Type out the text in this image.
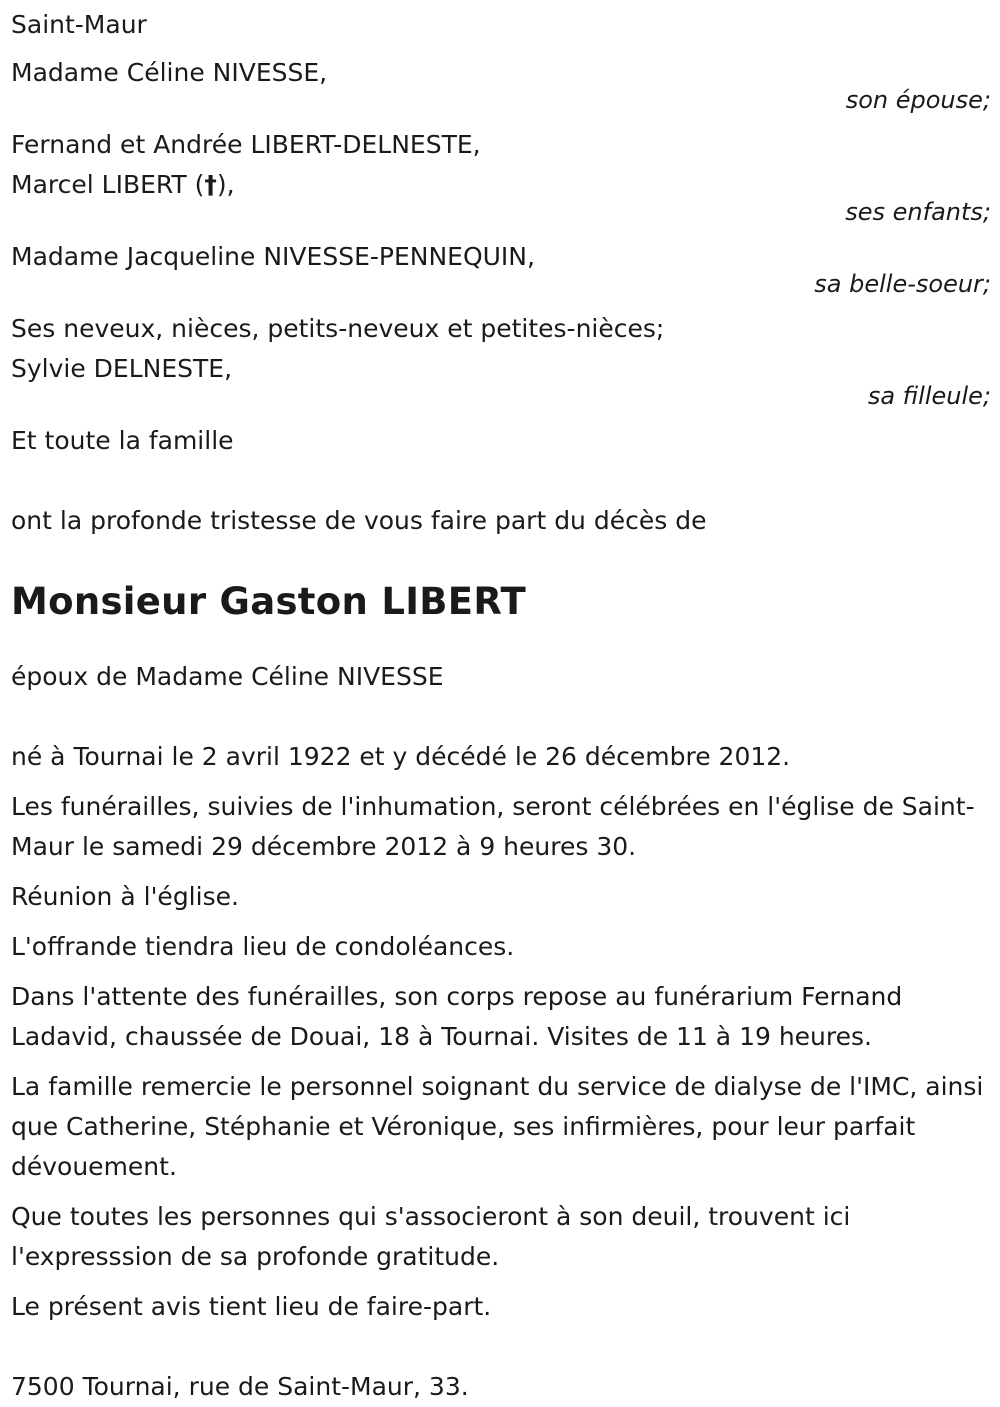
Saint-Maur
Madame Céline NIVESSE,
son épouse;
Fernand et Andrée LIBERT-DELNESTE,
Marcel LIBERT (†),
ses enfants;
Madame Jacqueline NIVESSE-PENNEQUIN,
sa belle-soeur;
Ses neveux, nièces, petits-neveux et petites-nièces;
Sylvie DELNESTE,
sa filleule;
Et toute la famille
ont la profonde tristesse de vous faire part du décès de
Monsieur Gaston LIBERT
époux de Madame Céline NIVESSE
né à Tournai le 2 avril 1922 et y décédé le 26 décembre 2012.
Les funérailles, suivies de l'inhumation, seront célébrées en l'église de Saint-Maur le samedi 29 décembre 2012 à 9 heures 30.
Réunion à l'église.
L'offrande tiendra lieu de condoléances.
Dans l'attente des funérailles, son corps repose au funérarium Fernand Ladavid, chaussée de Douai, 18 à Tournai. Visites de 11 à 19 heures.
La famille remercie le personnel soignant du service de dialyse de l'IMC, ainsi que Catherine, Stéphanie et Véronique, ses infirmières, pour leur parfait dévouement.
Que toutes les personnes qui s'associeront à son deuil, trouvent ici l'expresssion de sa profonde gratitude.
Le présent avis tient lieu de faire-part.
7500 Tournai, rue de Saint-Maur, 33.
